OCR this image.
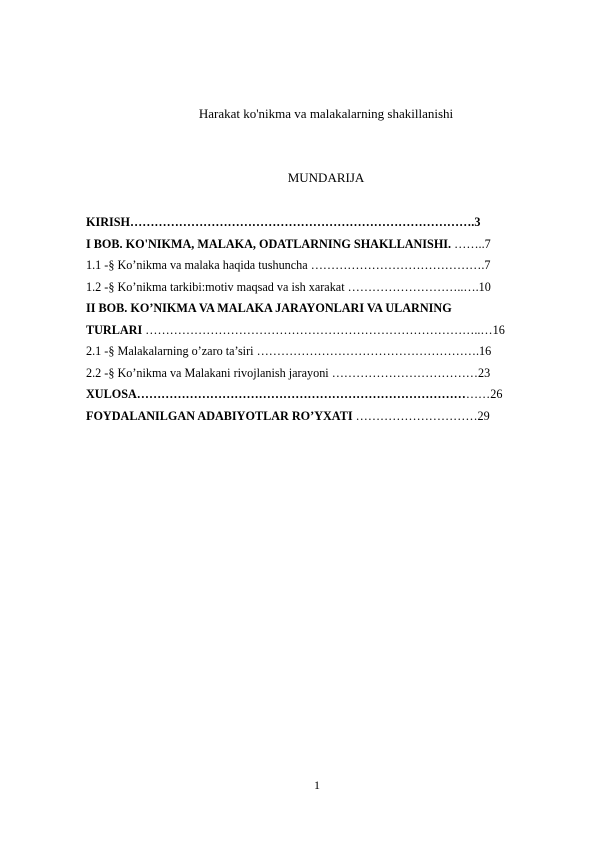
Harakat ko'nikma va malakalarning shakillanishi
MUNDARIJA
KIRISH………………………………………………………………………….3
I BOB. KO'NIKMA, MALAKA, ODATLARNING SHAKLLANISHI. ……..7
1.1 -§ Ko’nikma va malaka haqida tushuncha …………………………………….7
1.2 -§ Ko’nikma tarkibi:motiv maqsad va ish xarakat ………………………..….10
II BOB. KO’NIKMA VA MALAKA JARAYONLARI VA ULARNING
TURLARI ………………………………………………………………………..…16
2.1 -§ Malakalarning o’zaro ta’siri ……………………………………………….16
2.2 -§ Ko’nikma va Malakani rivojlanish jarayoni ………………………………23
XULOSA……………………………………………………………………………26
FOYDALANILGAN ADABIYOTLAR RO’YXATI …………………………29
1
